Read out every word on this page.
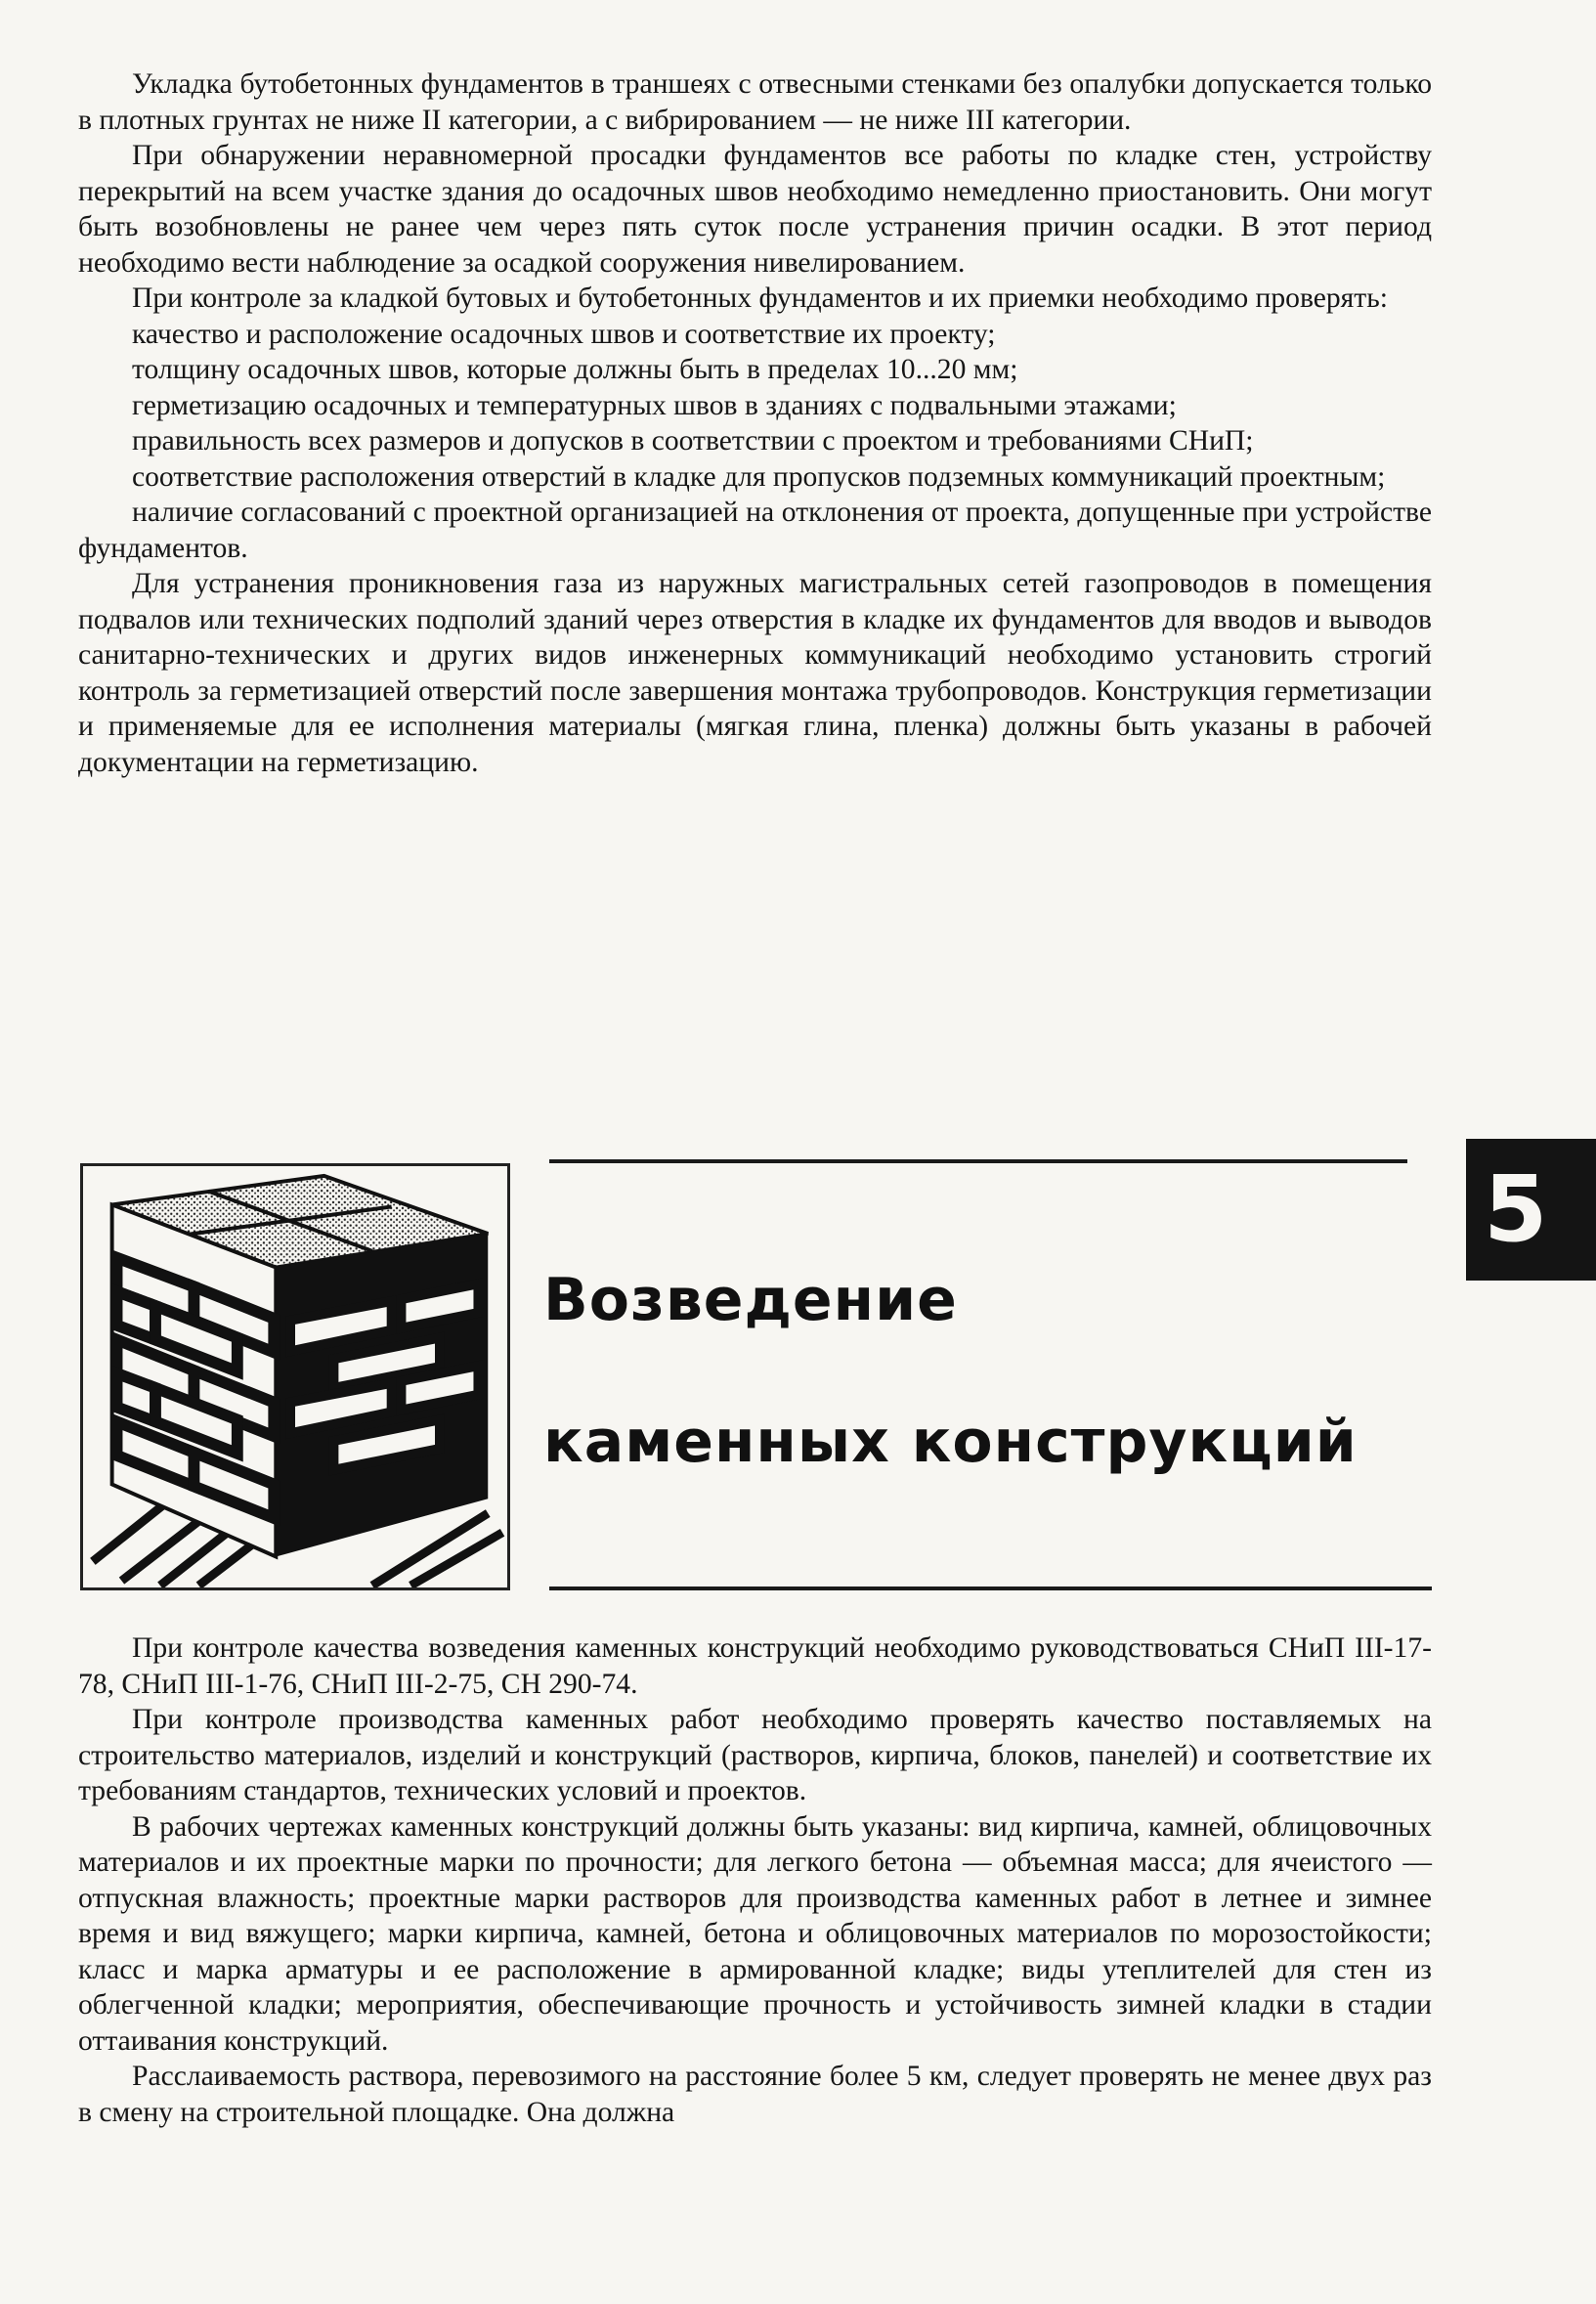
Укладка бутобетонных фундаментов в траншеях с отвесными стенками без опалубки допускается только в плотных грунтах не ниже II категории, а с вибрированием — не ниже III категории.

При обнаружении неравномерной просадки фундаментов все работы по кладке стен, устройству перекрытий на всем участке здания до осадочных швов необходимо немедленно приостановить. Они могут быть возобновлены не ранее чем через пять суток после устранения причин осадки. В этот период необходимо вести наблюдение за осадкой сооружения нивелированием.

При контроле за кладкой бутовых и бутобетонных фундаментов и их приемки необходимо проверять:

качество и расположение осадочных швов и соответствие их проекту;

толщину осадочных швов, которые должны быть в пределах 10...20 мм;

герметизацию осадочных и температурных швов в зданиях с подвальными этажами;

правильность всех размеров и допусков в соответствии с проектом и требованиями СНиП;

соответствие расположения отверстий в кладке для пропусков подземных коммуникаций проектным;

наличие согласований с проектной организацией на отклонения от проекта, допущенные при устройстве фундаментов.

Для устранения проникновения газа из наружных магистральных сетей газопроводов в помещения подвалов или технических подполий зданий через отверстия в кладке их фундаментов для вводов и выводов санитарно-технических и других видов инженерных коммуникаций необходимо установить строгий контроль за герметизацией отверстий после завершения монтажа трубопроводов. Конструкция герметизации и применяемые для ее исполнения материалы (мягкая глина, пленка) должны быть указаны в рабочей документации на герметизацию.

Возведение
каменных конструкций
5

При контроле качества возведения каменных конструкций необходимо руководствоваться СНиП III-17-78, СНиП III-1-76, СНиП III-2-75, СН 290-74.

При контроле производства каменных работ необходимо проверять качество поставляемых на строительство материалов, изделий и конструкций (растворов, кирпича, блоков, панелей) и соответствие их требованиям стандартов, технических условий и проектов.

В рабочих чертежах каменных конструкций должны быть указаны: вид кирпича, камней, облицовочных материалов и их проектные марки по прочности; для легкого бетона — объемная масса; для ячеистого — отпускная влажность; проектные марки растворов для производства каменных работ в летнее и зимнее время и вид вяжущего; марки кирпича, камней, бетона и облицовочных материалов по морозостойкости; класс и марка арматуры и ее расположение в армированной кладке; виды утеплителей для стен из облегченной кладки; мероприятия, обеспечивающие прочность и устойчивость зимней кладки в стадии оттаивания конструкций.

Расслаиваемость раствора, перевозимого на расстояние более 5 км, следует проверять не менее двух раз в смену на строительной площадке. Она должна
